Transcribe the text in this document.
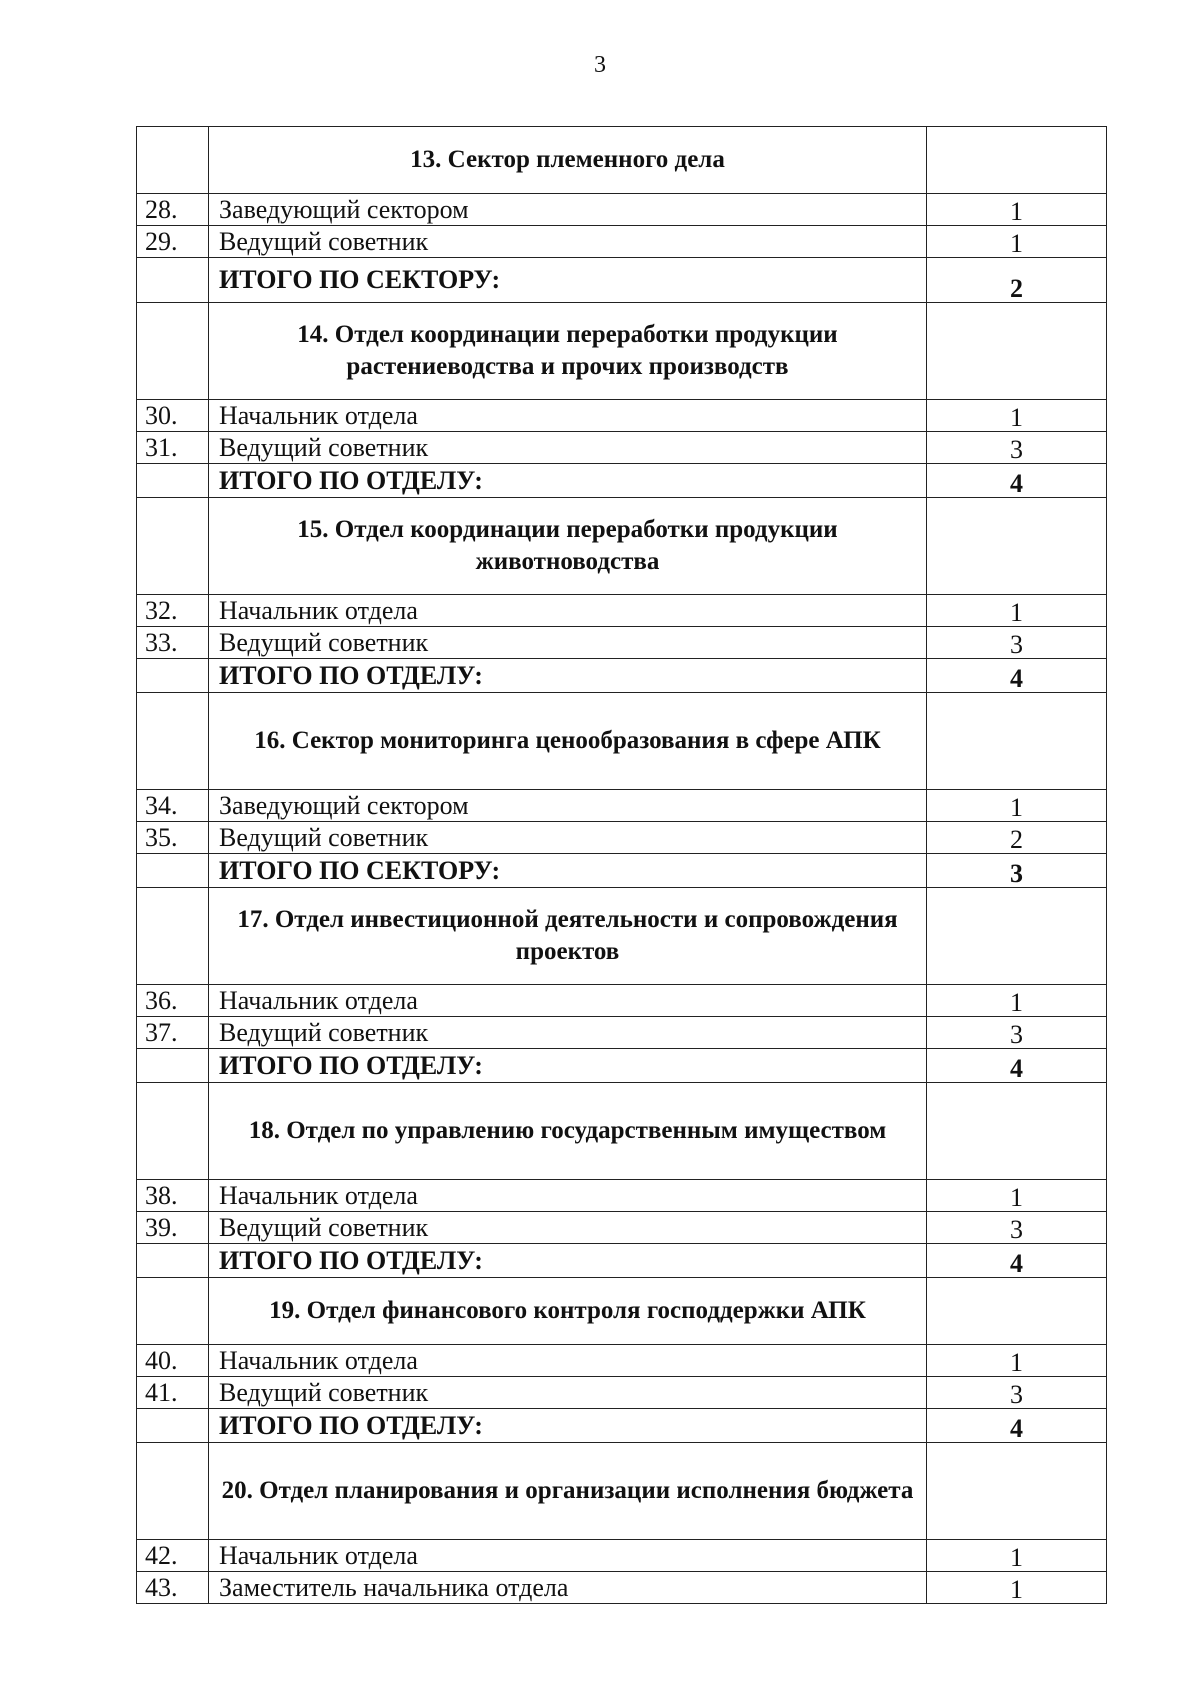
3
	13. Сектор племенного дела	
28.	Заведующий сектором	1
29.	Ведущий советник	1
	ИТОГО ПО СЕКТОРУ:	2
	14. Отдел координации переработки продукции растениеводства и прочих производств	
30.	Начальник отдела	1
31.	Ведущий советник	3
	ИТОГО ПО ОТДЕЛУ:	4
	15. Отдел координации переработки продукции животноводства	
32.	Начальник отдела	1
33.	Ведущий советник	3
	ИТОГО ПО ОТДЕЛУ:	4
	16. Сектор мониторинга ценообразования в сфере АПК	
34.	Заведующий сектором	1
35.	Ведущий советник	2
	ИТОГО ПО СЕКТОРУ:	3
	17. Отдел инвестиционной деятельности и сопровождения проектов	
36.	Начальник отдела	1
37.	Ведущий советник	3
	ИТОГО ПО ОТДЕЛУ:	4
	18. Отдел по управлению государственным имуществом	
38.	Начальник отдела	1
39.	Ведущий советник	3
	ИТОГО ПО ОТДЕЛУ:	4
	19. Отдел финансового контроля господдержки АПК	
40.	Начальник отдела	1
41.	Ведущий советник	3
	ИТОГО ПО ОТДЕЛУ:	4
	20. Отдел планирования и организации исполнения бюджета	
42.	Начальник отдела	1
43.	Заместитель начальника отдела	1
